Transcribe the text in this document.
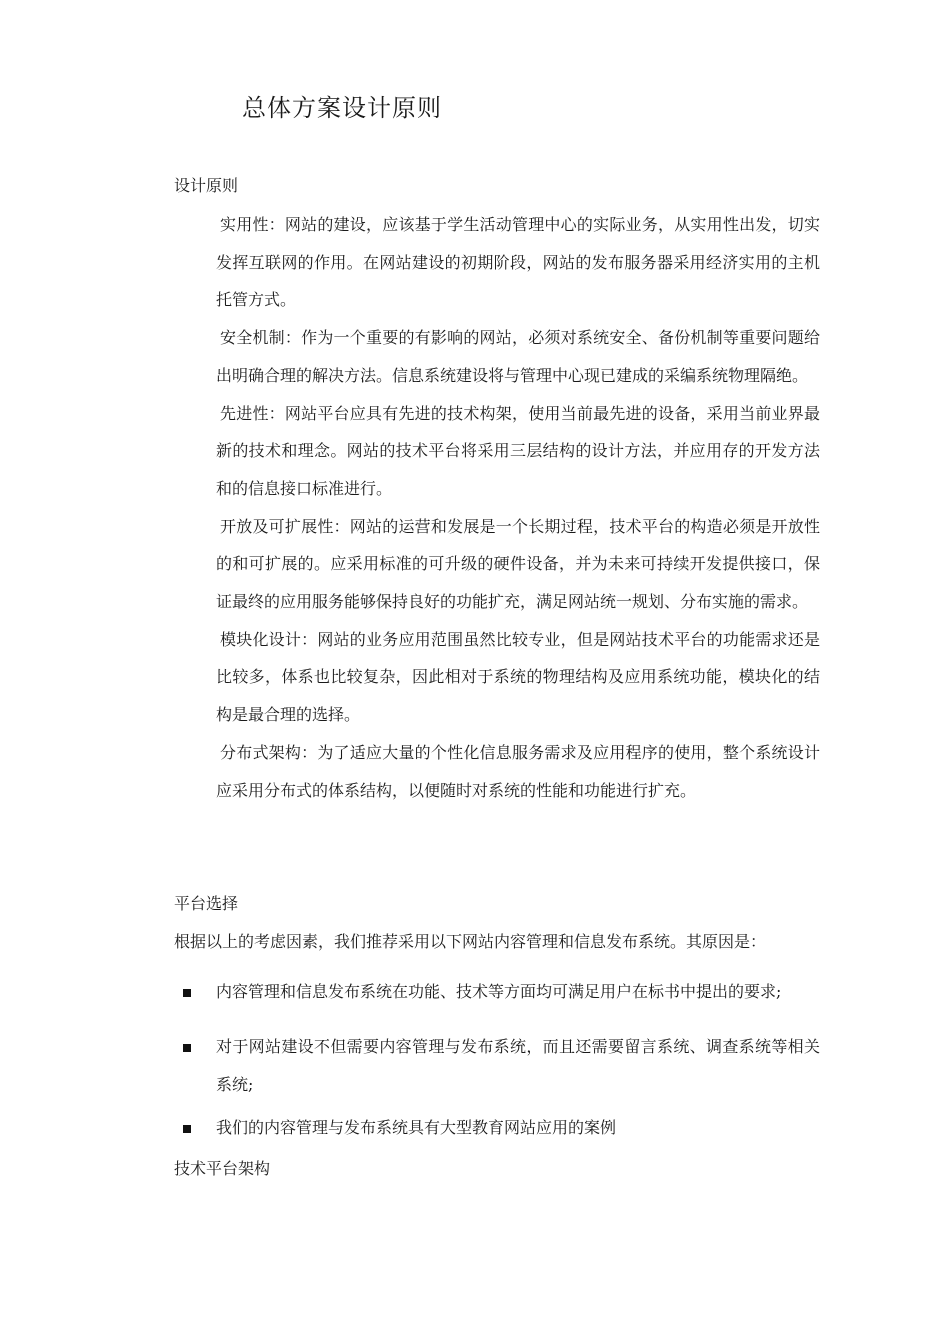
总体方案设计原则
设计原则

实用性：网站的建设，应该基于学生活动管理中心的实际业务，从实用性出发，切实发挥互联网的作用。在网站建设的初期阶段，网站的发布服务器采用经济实用的主机托管方式。

安全机制：作为一个重要的有影响的网站，必须对系统安全、备份机制等重要问题给出明确合理的解决方法。信息系统建设将与管理中心现已建成的采编系统物理隔绝。

先进性：网站平台应具有先进的技术构架，使用当前最先进的设备，采用当前业界最新的技术和理念。网站的技术平台将采用三层结构的设计方法，并应用存的开发方法和的信息接口标准进行。

开放及可扩展性：网站的运营和发展是一个长期过程，技术平台的构造必须是开放性的和可扩展的。应采用标准的可升级的硬件设备，并为未来可持续开发提供接口，保证最终的应用服务能够保持良好的功能扩充，满足网站统一规划、分布实施的需求。

模块化设计：网站的业务应用范围虽然比较专业，但是网站技术平台的功能需求还是比较多，体系也比较复杂，因此相对于系统的物理结构及应用系统功能，模块化的结构是最合理的选择。

分布式架构：为了适应大量的个性化信息服务需求及应用程序的使用，整个系统设计应采用分布式的体系结构，以便随时对系统的性能和功能进行扩充。

平台选择
根据以上的考虑因素，我们推荐采用以下网站内容管理和信息发布系统。其原因是：
内容管理和信息发布系统在功能、技术等方面均可满足用户在标书中提出的要求;
对于网站建设不但需要内容管理与发布系统，而且还需要留言系统、调查系统等相关系统;
我们的内容管理与发布系统具有大型教育网站应用的案例
技术平台架构
